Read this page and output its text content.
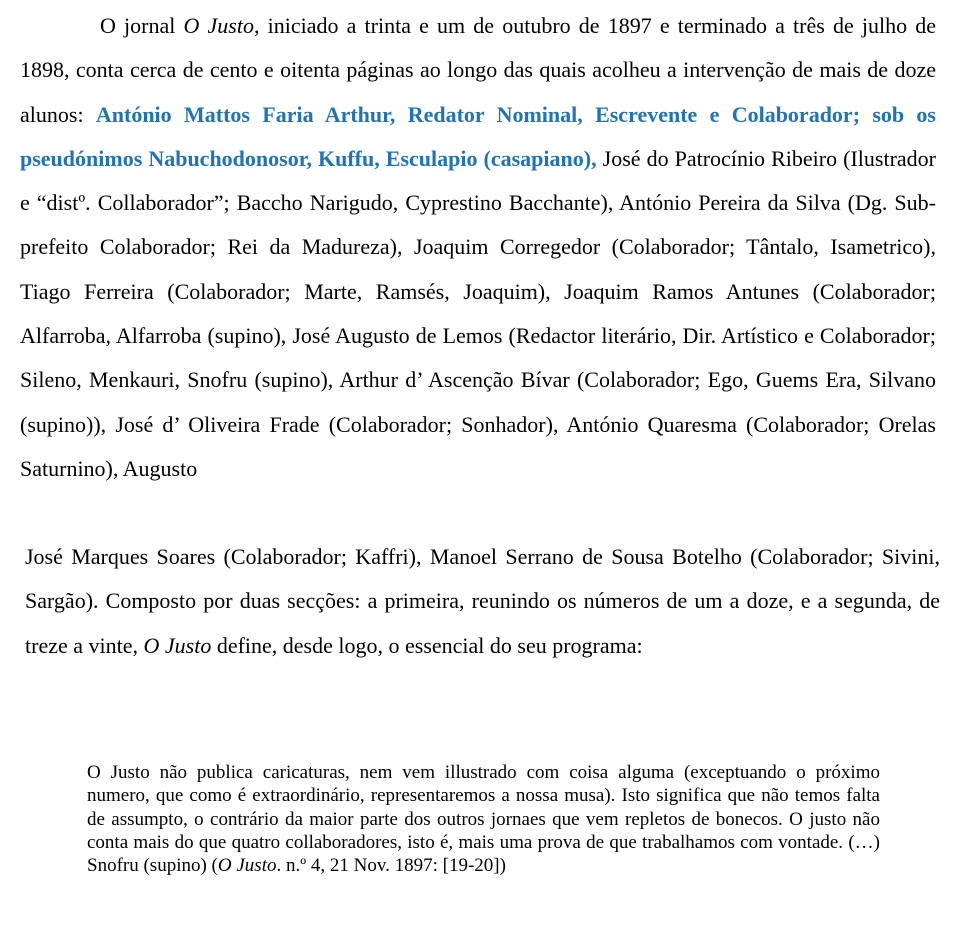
O jornal O Justo, iniciado a trinta e um de outubro de 1897 e terminado a três de julho de 1898, conta cerca de cento e oitenta páginas ao longo das quais acolheu a intervenção de mais de doze alunos: António Mattos Faria Arthur, Redator Nominal, Escrevente e Colaborador; sob os pseudónimos Nabuchodonosor, Kuffu, Esculapio (casapiano), José do Patrocínio Ribeiro (Ilustrador e “distº. Collaborador”; Baccho Narigudo, Cyprestino Bacchante), António Pereira da Silva (Dg. Sub-prefeito Colaborador; Rei da Madureza), Joaquim Corregedor (Colaborador; Tântalo, Isametrico), Tiago Ferreira (Colaborador; Marte, Ramsés, Joaquim), Joaquim Ramos Antunes (Colaborador; Alfarroba, Alfarroba (supino), José Augusto de Lemos (Redactor literário, Dir. Artístico e Colaborador; Sileno, Menkauri, Snofru (supino), Arthur d’ Ascenção Bívar (Colaborador; Ego, Guems Era, Silvano (supino)), José d’ Oliveira Frade (Colaborador; Sonhador), António Quaresma (Colaborador; Orelas Saturnino), Augusto

José Marques Soares (Colaborador; Kaffri), Manoel Serrano de Sousa Botelho (Colaborador; Sivini, Sargão). Composto por duas secções: a primeira, reunindo os números de um a doze, e a segunda, de treze a vinte, O Justo define, desde logo, o essencial do seu programa:

O Justo não publica caricaturas, nem vem illustrado com coisa alguma (exceptuando o próximo numero, que como é extraordinário, representaremos a nossa musa). Isto significa que não temos falta de assumpto, o contrário da maior parte dos outros jornaes que vem repletos de bonecos. O justo não conta mais do que quatro collaboradores, isto é, mais uma prova de que trabalhamos com vontade. (…) Snofru (supino) (O Justo. n.º 4, 21 Nov. 1897: [19-20])
